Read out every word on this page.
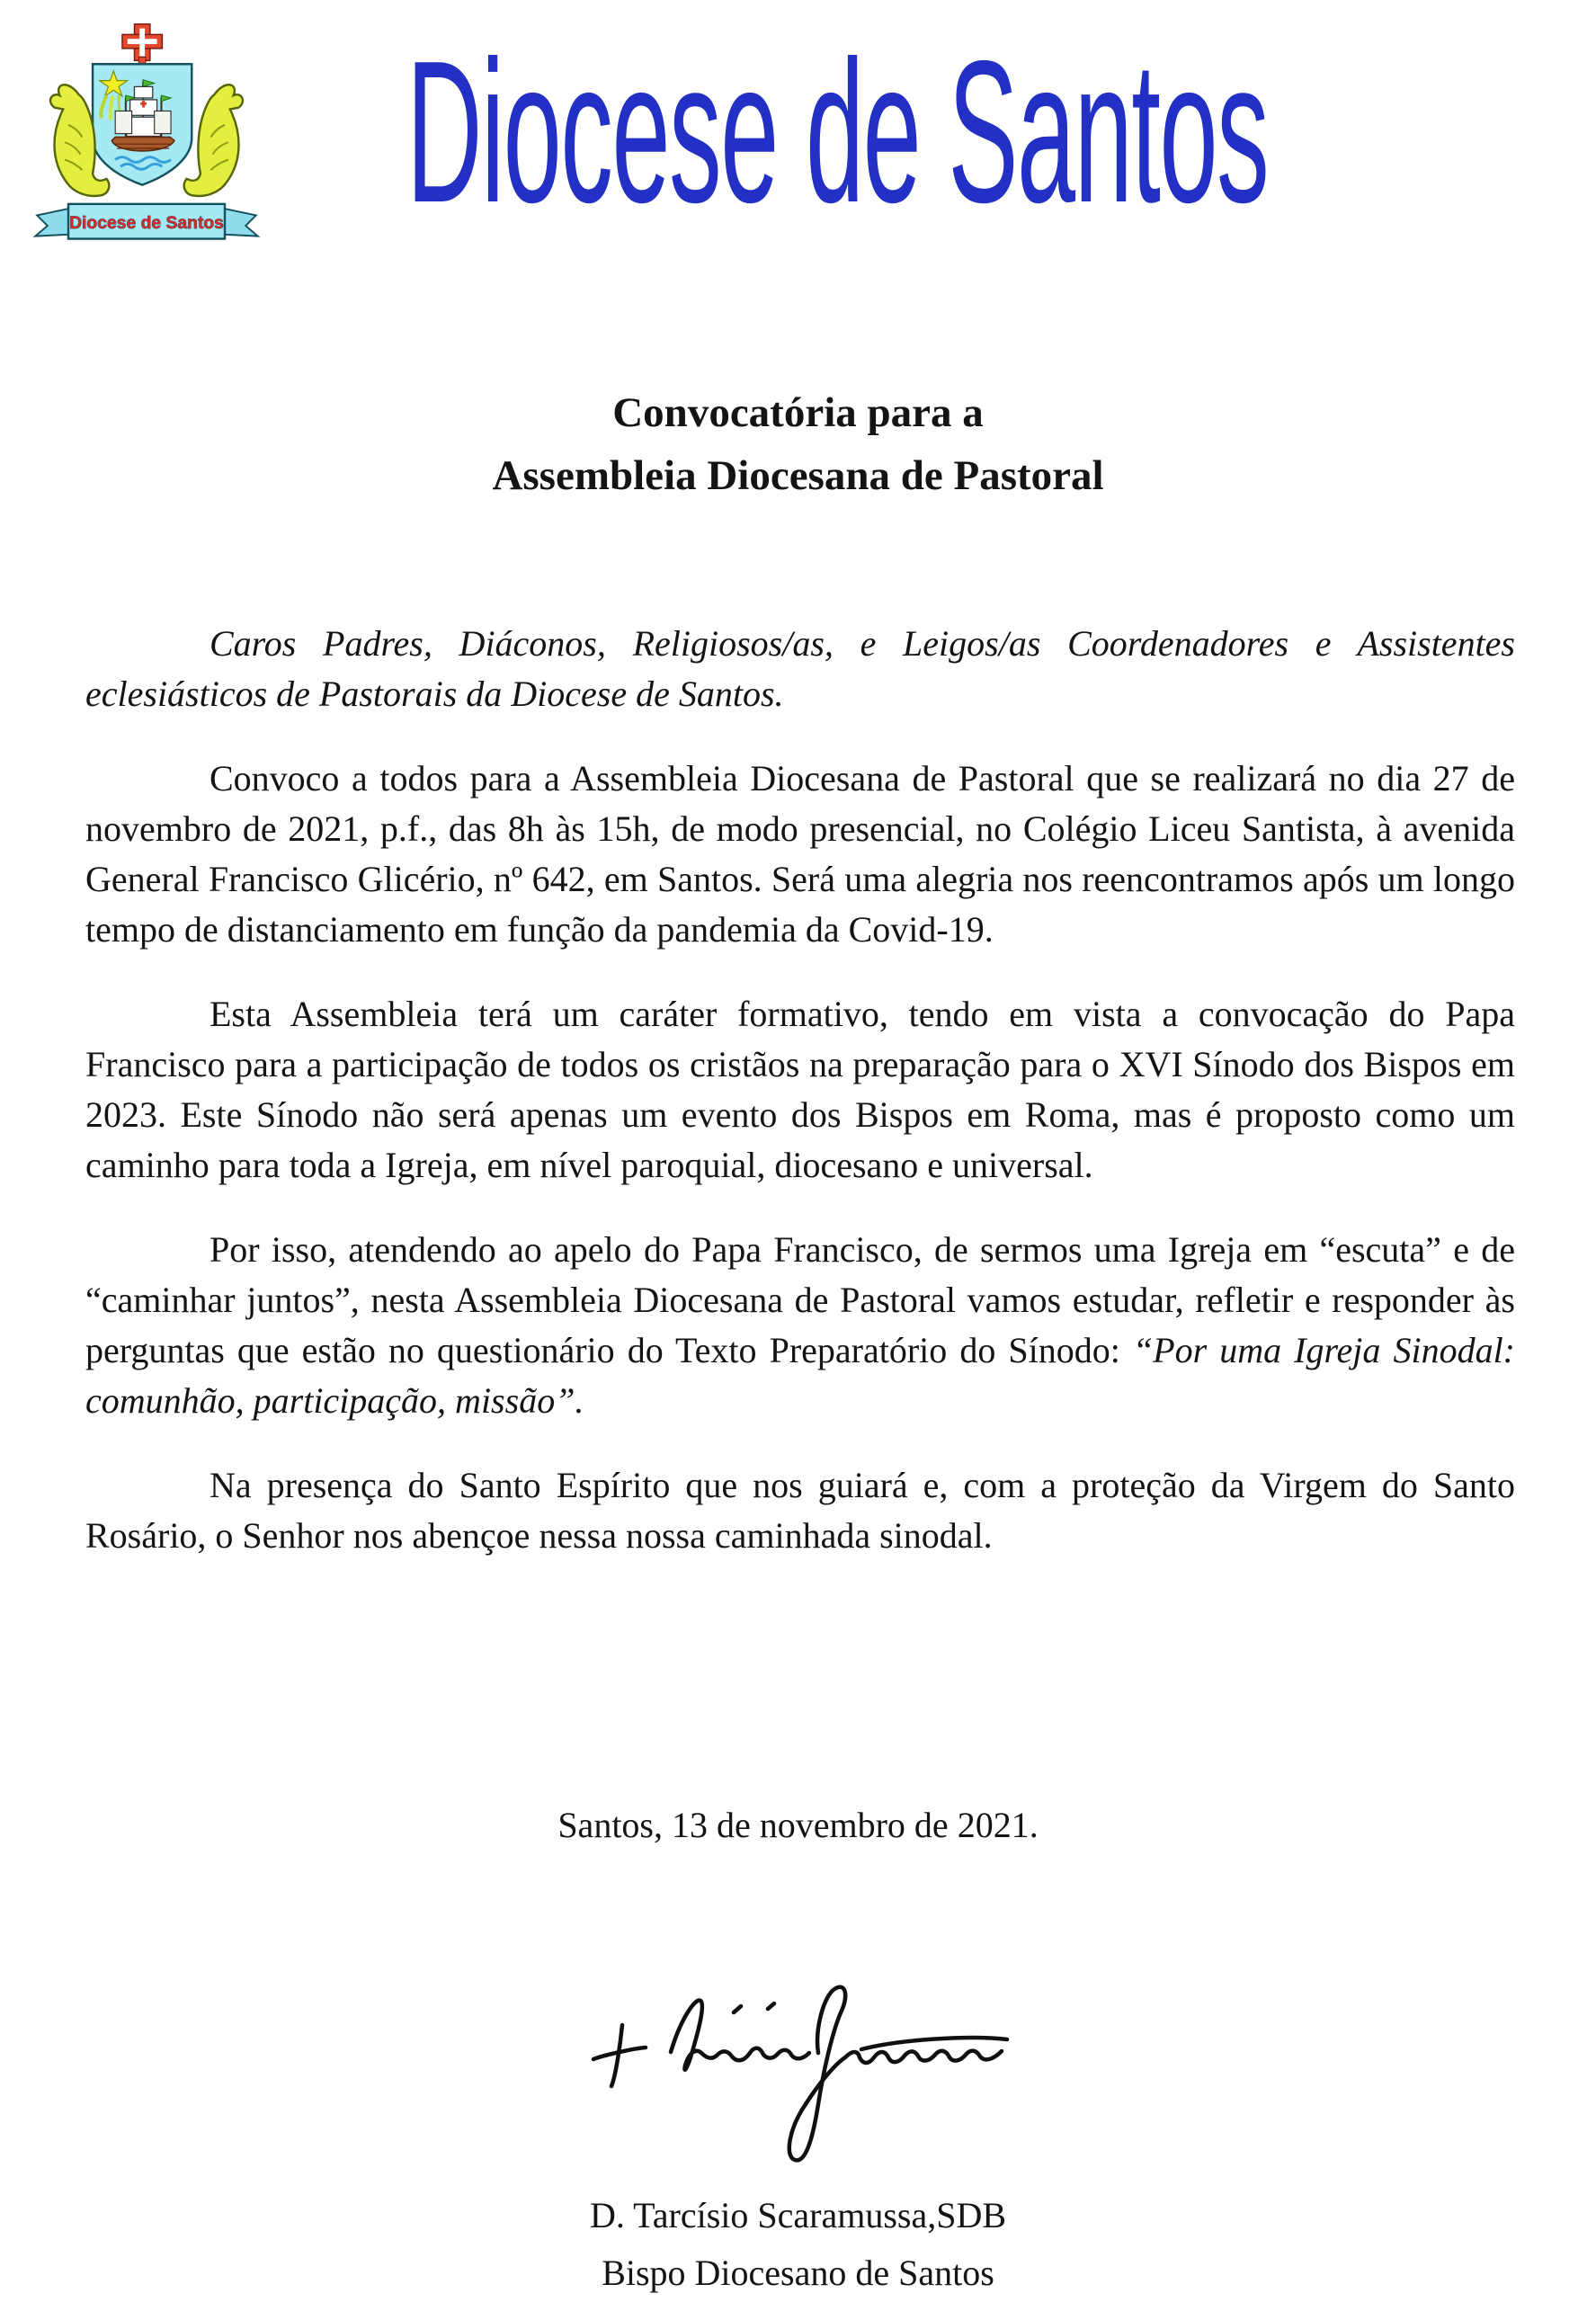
Diocese de Santos Diocese de Santos
Convocatória para a
Assembleia Diocesana de Pastoral

Caros Padres, Diáconos, Religiosos/as, e Leigos/as Coordenadores e Assistentes eclesiásticos de Pastorais da Diocese de Santos.

Convoco a todos para a Assembleia Diocesana de Pastoral que se realizará no dia 27 de novembro de 2021, p.f., das 8h às 15h, de modo presencial, no Colégio Liceu Santista, à avenida General Francisco Glicério, nº 642, em Santos. Será uma alegria nos reencontramos após um longo tempo de distanciamento em função da pandemia da Covid-19.

Esta Assembleia terá um caráter formativo, tendo em vista a convocação do Papa Francisco para a participação de todos os cristãos na preparação para o XVI Sínodo dos Bispos em 2023. Este Sínodo não será apenas um evento dos Bispos em Roma, mas é proposto como um caminho para toda a Igreja, em nível paroquial, diocesano e universal.

Por isso, atendendo ao apelo do Papa Francisco, de sermos uma Igreja em “escuta” e de “caminhar juntos”, nesta Assembleia Diocesana de Pastoral vamos estudar, refletir e responder às perguntas que estão no questionário do Texto Preparatório do Sínodo: “Por uma Igreja Sinodal: comunhão, participação, missão”.

Na presença do Santo Espírito que nos guiará e, com a proteção da Virgem do Santo Rosário, o Senhor nos abençoe nessa nossa caminhada sinodal.

Santos, 13 de novembro de 2021.
D. Tarcísio Scaramussa,SDB
Bispo Diocesano de Santos
